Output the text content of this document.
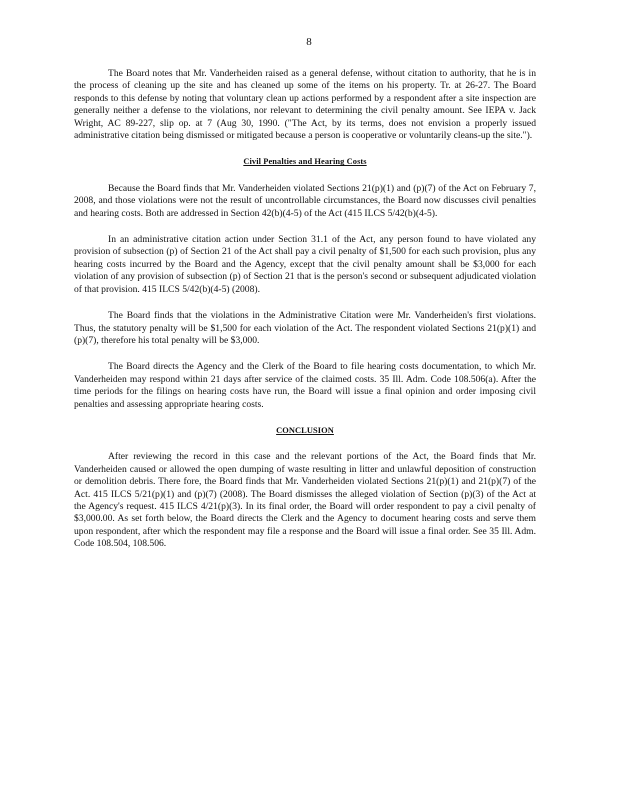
8

The Board notes that Mr. Vanderheiden raised as a general defense, without citation to authority, that he is in the process of cleaning up the site and has cleaned up some of the items on his property. Tr. at 26-27. The Board responds to this defense by noting that voluntary clean up actions performed by a respondent after a site inspection are generally neither a defense to the violations, nor relevant to determining the civil penalty amount. See IEPA v. Jack Wright, AC 89-227, slip op. at 7 (Aug 30, 1990. ("The Act, by its terms, does not envision a properly issued administrative citation being dismissed or mitigated because a person is cooperative or voluntarily cleans-up the site.").

Civil Penalties and Hearing Costs

Because the Board finds that Mr. Vanderheiden violated Sections 21(p)(1) and (p)(7) of the Act on February 7, 2008, and those violations were not the result of uncontrollable circumstances, the Board now discusses civil penalties and hearing costs. Both are addressed in Section 42(b)(4-5) of the Act (415 ILCS 5/42(b)(4-5).

In an administrative citation action under Section 31.1 of the Act, any person found to have violated any provision of subsection (p) of Section 21 of the Act shall pay a civil penalty of $1,500 for each such provision, plus any hearing costs incurred by the Board and the Agency, except that the civil penalty amount shall be $3,000 for each violation of any provision of subsection (p) of Section 21 that is the person's second or subsequent adjudicated violation of that provision. 415 ILCS 5/42(b)(4-5) (2008).

The Board finds that the violations in the Administrative Citation were Mr. Vanderheiden's first violations. Thus, the statutory penalty will be $1,500 for each violation of the Act. The respondent violated Sections 21(p)(1) and (p)(7), therefore his total penalty will be $3,000.

The Board directs the Agency and the Clerk of the Board to file hearing costs documentation, to which Mr. Vanderheiden may respond within 21 days after service of the claimed costs. 35 Ill. Adm. Code 108.506(a). After the time periods for the filings on hearing costs have run, the Board will issue a final opinion and order imposing civil penalties and assessing appropriate hearing costs.

CONCLUSION

After reviewing the record in this case and the relevant portions of the Act, the Board finds that Mr. Vanderheiden caused or allowed the open dumping of waste resulting in litter and unlawful deposition of construction or demolition debris. There fore, the Board finds that Mr. Vanderheiden violated Sections 21(p)(1) and 21(p)(7) of the Act. 415 ILCS 5/21(p)(1) and (p)(7) (2008). The Board dismisses the alleged violation of Section (p)(3) of the Act at the Agency's request. 415 ILCS 4/21(p)(3). In its final order, the Board will order respondent to pay a civil penalty of $3,000.00. As set forth below, the Board directs the Clerk and the Agency to document hearing costs and serve them upon respondent, after which the respondent may file a response and the Board will issue a final order. See 35 Ill. Adm. Code 108.504, 108.506.
